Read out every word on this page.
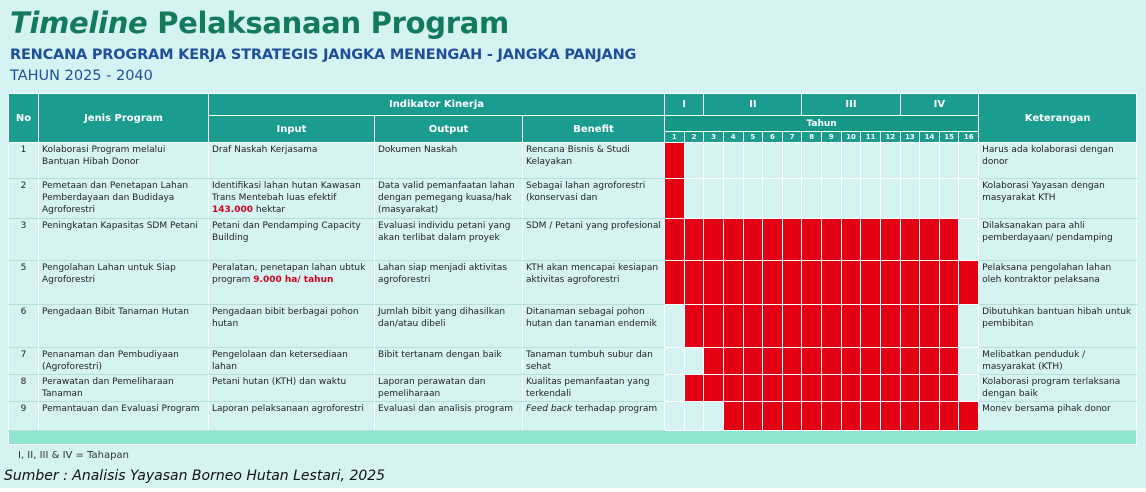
Timeline Pelaksanaan Program
RENCANA PROGRAM KERJA STRATEGIS JANGKA MENENGAH - JANGKA PANJANG
TAHUN 2025 - 2040
No	Jenis Program	Indikator Kinerja			I		II					III					IV				Keterangan
		Input	Output	Benefit	Tahun																
					1	2	3	4	5	6	7	8	9	10	11	12	13	14	15	16	
1	Kolaborasi Program melalui Bantuan Hibah Donor	Draf Naskah Kerjasama	Dokumen Naskah	Rencana Bisnis & Studi Kelayakan																	Harus ada kolaborasi dengan donor
2	Pemetaan dan Penetapan Lahan Pemberdayaan dan Budidaya Agroforestri	Identifikasi lahan hutan Kawasan Trans Mentebah luas efektif 143.000 hektar	Data valid pemanfaatan lahan dengan pemegang kuasa/hak (masyarakat)	Sebagai lahan agroforestri (konservasi dan																	Kolaborasi Yayasan dengan masyarakat KTH
3	Peningkatan Kapasitas SDM Petani	Petani dan Pendamping Capacity Building	Evaluasi individu petani yang akan terlibat dalam proyek	SDM / Petani yang profesional																	Dilaksanakan para ahli pemberdayaan/ pendamping
5	Pengolahan Lahan untuk Siap Agroforestri	Peralatan, penetapan lahan ubtuk program 9.000 ha/ tahun	Lahan siap menjadi aktivitas agroforestri	KTH akan mencapai kesiapan aktivitas agroforestri																	Pelaksana pengolahan lahan oleh kontraktor pelaksana
6	Pengadaan Bibit Tanaman Hutan	Pengadaan bibit berbagai pohon hutan	Jumlah bibit yang dihasilkan dan/atau dibeli	Ditanaman sebagai pohon hutan dan tanaman endemik																	Dibutuhkan bantuan hibah untuk pembibitan
7	Penanaman dan Pembudiyaan (Agroforestri)	Pengelolaan dan ketersediaan lahan	Bibit tertanam dengan baik	Tanaman tumbuh subur dan sehat																	Melibatkan penduduk / masyarakat (KTH)
8	Perawatan dan Pemeliharaan Tanaman	Petani hutan (KTH) dan waktu	Laporan perawatan dan pemeliharaan	Kualitas pemanfaatan yang terkendali																	Kolaborasi program terlaksana dengan baik
9	Pemantauan dan Evaluasi Program	Laporan pelaksanaan agroforestri	Evaluasi dan analisis program	Feed back terhadap program																	Monev bersama pihak donor

I, II, III & IV = Tahapan
Sumber : Analisis Yayasan Borneo Hutan Lestari, 2025
